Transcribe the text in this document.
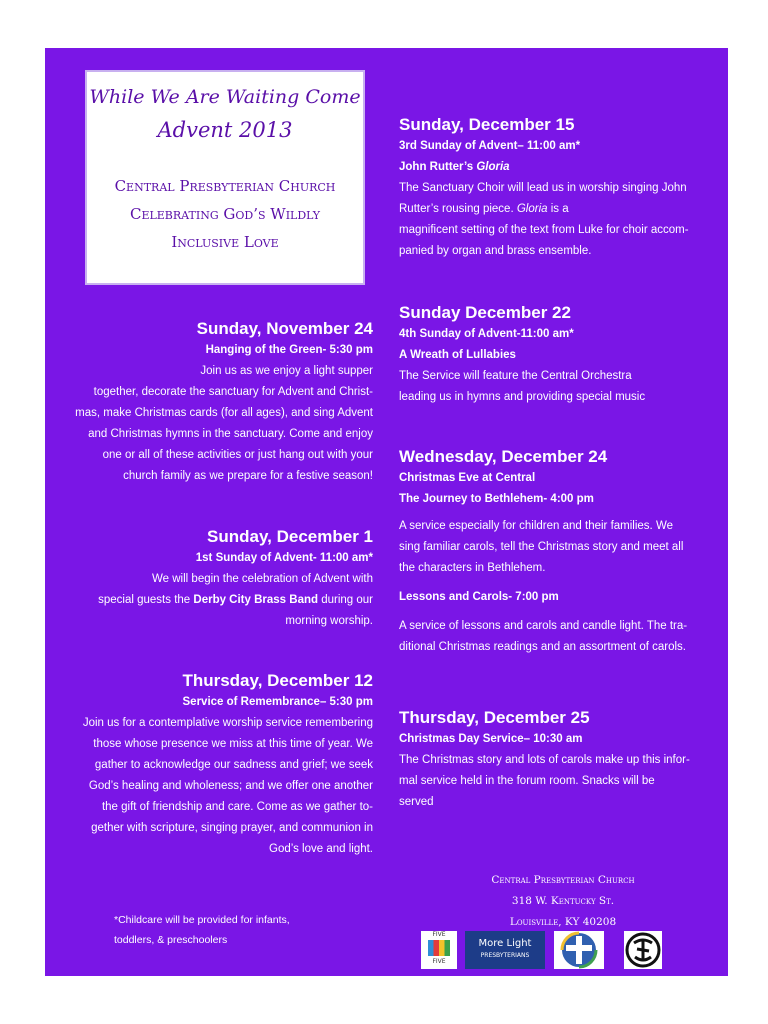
While We Are Waiting Come
Advent 2013
Central Presbyterian Church
Celebrating God’s Wildly
Inclusive Love
Sunday, November 24

Hanging of the Green- 5:30 pm

Join us as we enjoy a light supper

together, decorate the sanctuary for Advent and Christ-

mas, make Christmas cards (for all ages), and sing Advent

and Christmas hymns in the sanctuary. Come and enjoy

one or all of these activities or just hang out with your

church family as we prepare for a festive season!

Sunday, December 1

1st Sunday of Advent- 11:00 am*

We will begin the celebration of Advent with

special guests the Derby City Brass Band during our

morning worship.

Thursday, December 12

Service of Remembrance– 5:30 pm

Join us for a contemplative worship service remembering

those whose presence we miss at this time of year. We

gather to acknowledge our sadness and grief; we seek

God’s healing and wholeness; and we offer one another

the gift of friendship and care. Come as we gather to-

gether with scripture, singing prayer, and communion in

God’s love and light.

Sunday, December 15

3rd Sunday of Advent– 11:00 am*

John Rutter’s Gloria

The Sanctuary Choir will lead us in worship singing John

Rutter’s rousing piece. Gloria is a

magnificent setting of the text from Luke for choir accom-

panied by organ and brass ensemble.

Sunday December 22

4th Sunday of Advent-11:00 am*

A Wreath of Lullabies

The Service will feature the Central Orchestra

leading us in hymns and providing special music

Wednesday, December 24

Christmas Eve at Central

The Journey to Bethlehem- 4:00 pm

A service especially for children and their families. We

sing familiar carols, tell the Christmas story and meet all

the characters in Bethlehem.

Lessons and Carols- 7:00 pm

A service of lessons and carols and candle light. The tra-

ditional Christmas readings and an assortment of carols.

Thursday, December 25

Christmas Day Service– 10:30 am

The Christmas story and lots of carols make up this infor-

mal service held in the forum room. Snacks will be

served

*Childcare will be provided for infants,
toddlers, & preschoolers
Central Presbyterian Church
318 W. Kentucky St.
Louisville, KY 40208
FIVE
FIVE
More Light
PRESBYTERIANS
